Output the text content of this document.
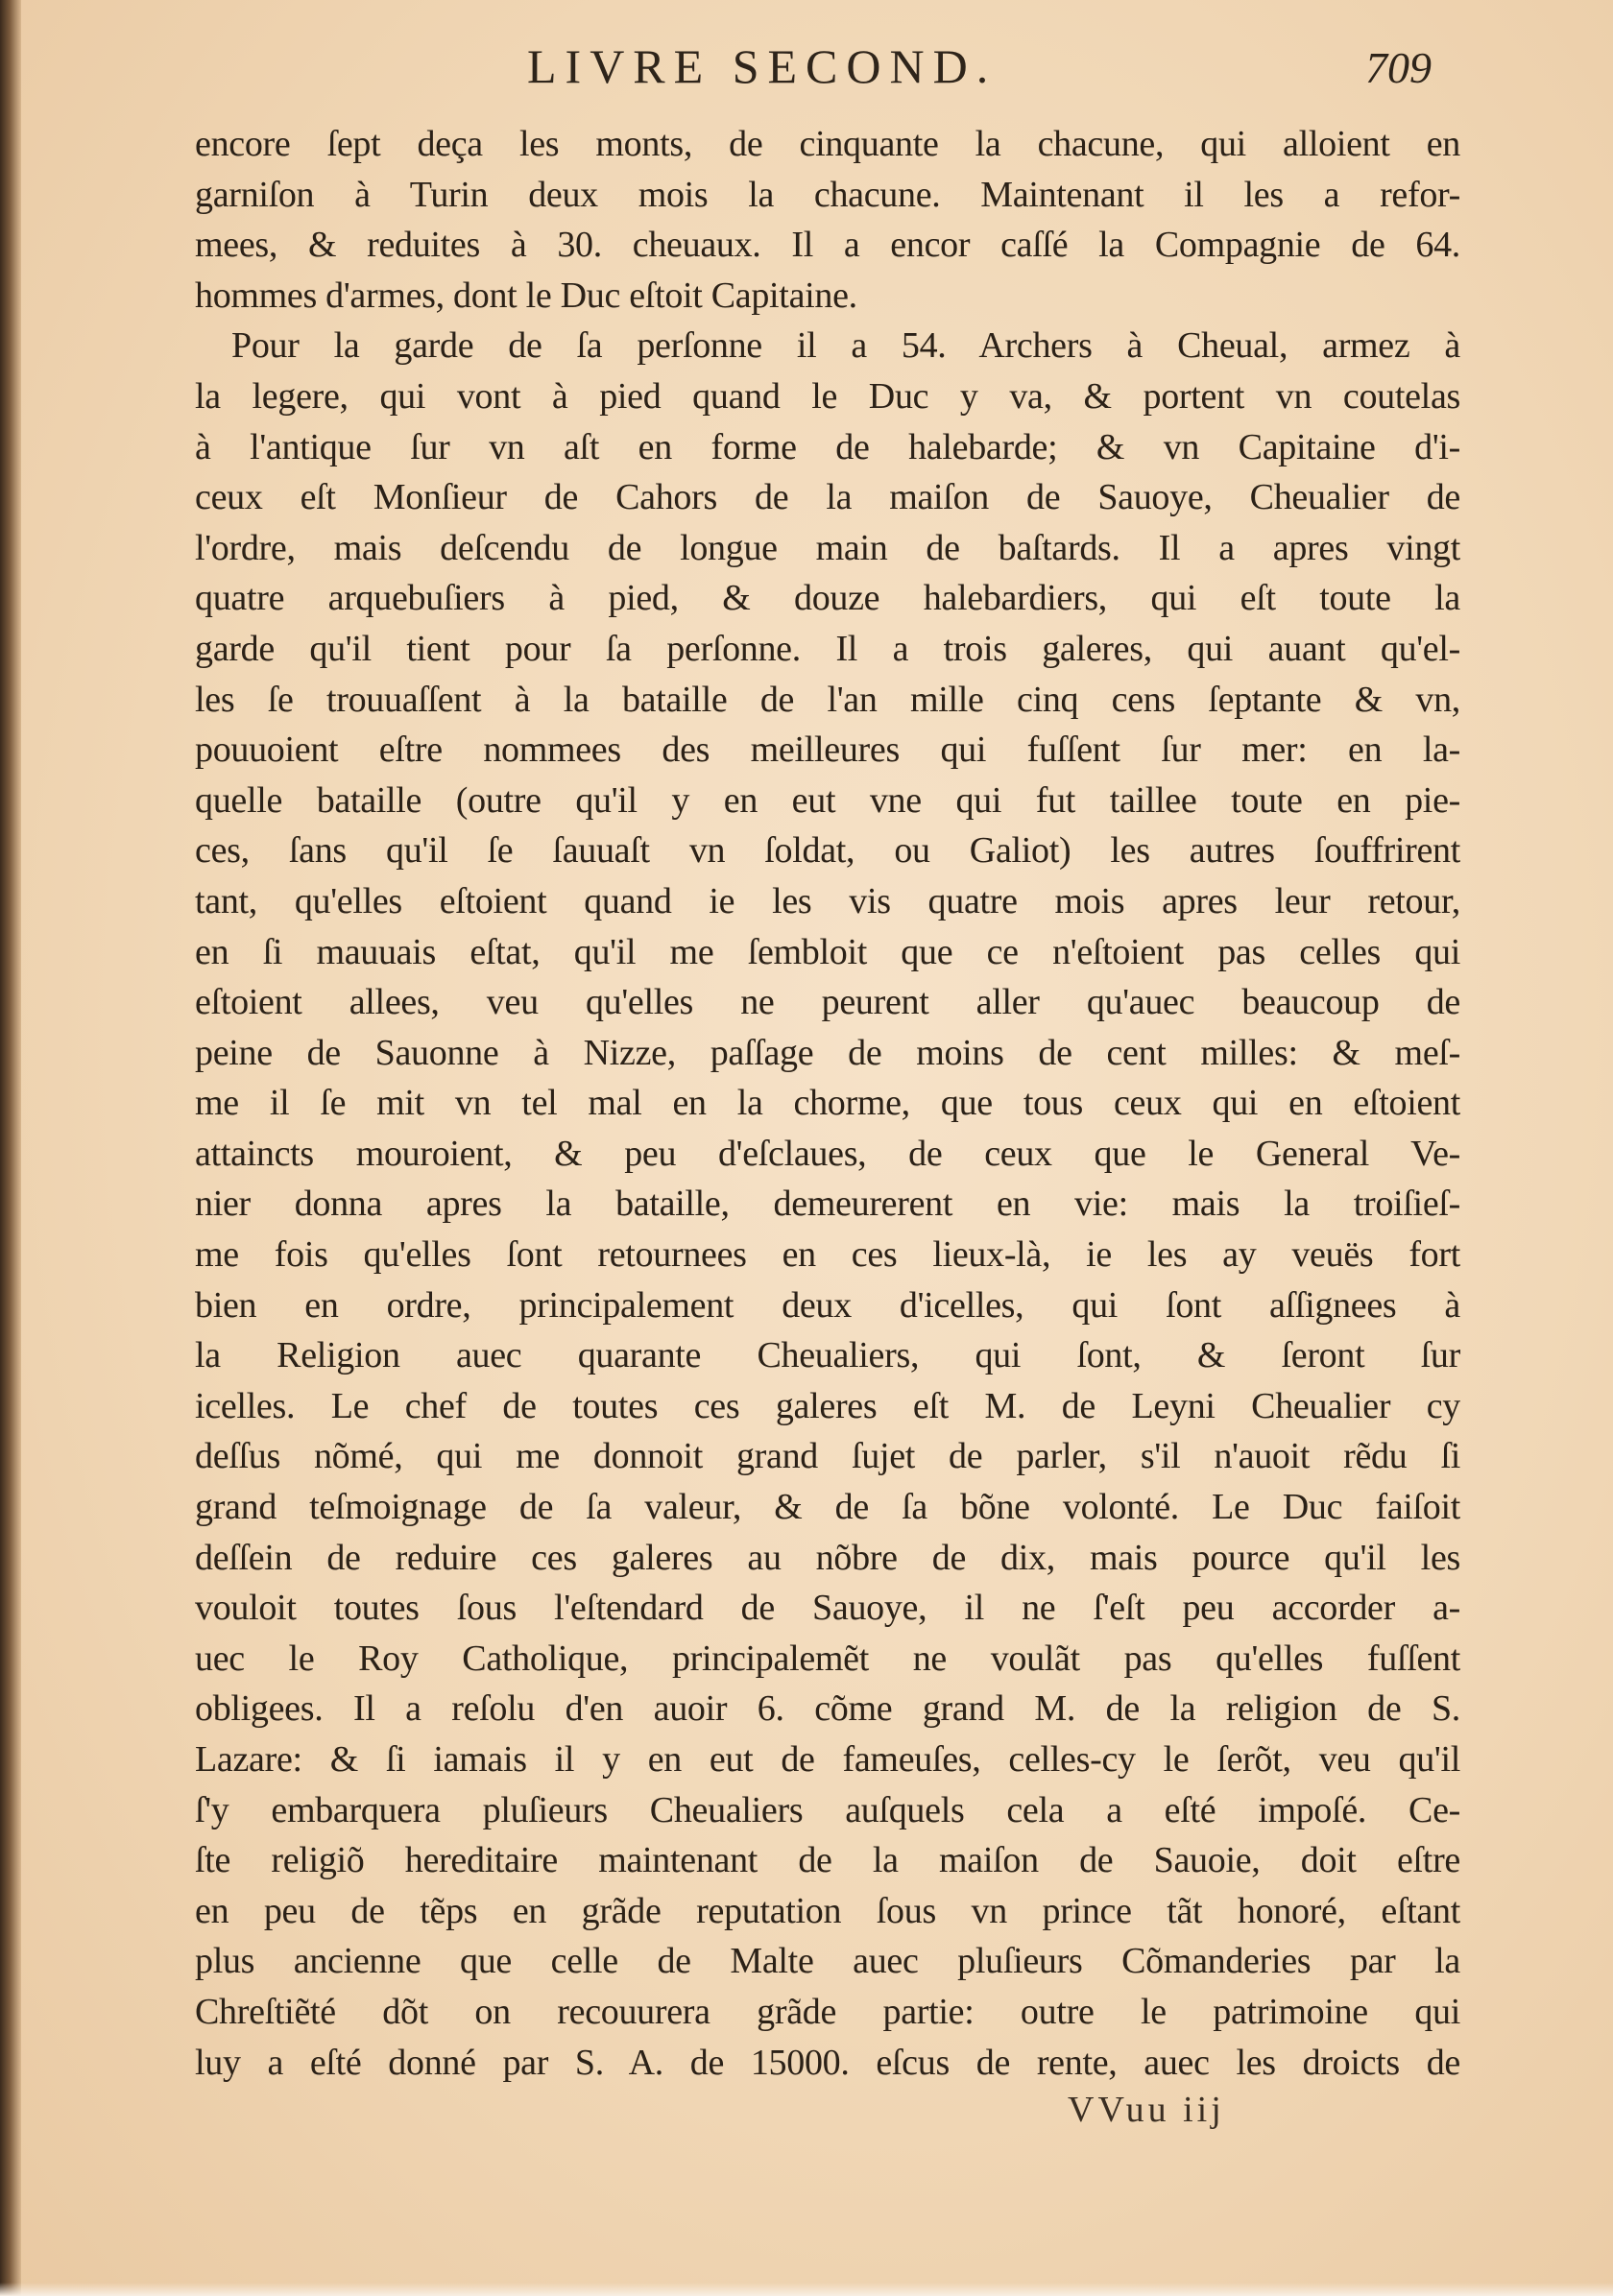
LIVRE SECOND.	709
encore ſept deça les monts, de cinquante la chacune, qui alloient en
garniſon à Turin deux mois la chacune. Maintenant il les a refor-
mees, & reduites à 30. cheuaux. Il a encor caſſé la Compagnie de 64.
hommes d'armes, dont le Duc eſtoit Capitaine.
Pour la garde de ſa perſonne il a 54. Archers à Cheual, armez à
la legere, qui vont à pied quand le Duc y va, & portent vn coutelas
à l'antique ſur vn aſt en forme de halebarde; & vn Capitaine d'i-
ceux eſt Monſieur de Cahors de la maiſon de Sauoye, Cheualier de
l'ordre, mais deſcendu de longue main de baſtards. Il a apres vingt
quatre arquebuſiers à pied, & douze halebardiers, qui eſt toute la
garde qu'il tient pour ſa perſonne. Il a trois galeres, qui auant qu'el-
les ſe trouuaſſent à la bataille de l'an mille cinq cens ſeptante & vn,
pouuoient eſtre nommees des meilleures qui fuſſent ſur mer: en la-
quelle bataille (outre qu'il y en eut vne qui fut taillee toute en pie-
ces, ſans qu'il ſe ſauuaſt vn ſoldat, ou Galiot) les autres ſouffrirent
tant, qu'elles eſtoient quand ie les vis quatre mois apres leur retour,
en ſi mauuais eſtat, qu'il me ſembloit que ce n'eſtoient pas celles qui
eſtoient allees, veu qu'elles ne peurent aller qu'auec beaucoup de
peine de Sauonne à Nizze, paſſage de moins de cent milles: & meſ-
me il ſe mit vn tel mal en la chorme, que tous ceux qui en eſtoient
attaincts mouroient, & peu d'eſclaues, de ceux que le General Ve-
nier donna apres la bataille, demeurerent en vie: mais la troiſieſ-
me fois qu'elles ſont retournees en ces lieux-là, ie les ay veuës fort
bien en ordre, principalement deux d'icelles, qui ſont aſſignees à
la Religion auec quarante Cheualiers, qui ſont, & ſeront ſur
icelles. Le chef de toutes ces galeres eſt M. de Leyni Cheualier cy
deſſus nõmé, qui me donnoit grand ſujet de parler, s'il n'auoit rẽdu ſi
grand teſmoignage de ſa valeur, & de ſa bõne volonté. Le Duc faiſoit
deſſein de reduire ces galeres au nõbre de dix, mais pource qu'il les
vouloit toutes ſous l'eſtendard de Sauoye, il ne ſ'eſt peu accorder a-
uec le Roy Catholique, principalemẽt ne voulãt pas qu'elles fuſſent
obligees. Il a reſolu d'en auoir 6. cõme grand M. de la religion de S.
Lazare: & ſi iamais il y en eut de fameuſes, celles-cy le ſerõt, veu qu'il
ſ'y embarquera pluſieurs Cheualiers auſquels cela a eſté impoſé. Ce-
ſte religiõ hereditaire maintenant de la maiſon de Sauoie, doit eſtre
en peu de tẽps en grãde reputation ſous vn prince tãt honoré, eſtant
plus ancienne que celle de Malte auec pluſieurs Cõmanderies par la
Chreſtiẽté dõt on recouurera grãde partie: outre le patrimoine qui
luy a eſté donné par S. A. de 15000. eſcus de rente, auec les droicts de
VVuu iij
